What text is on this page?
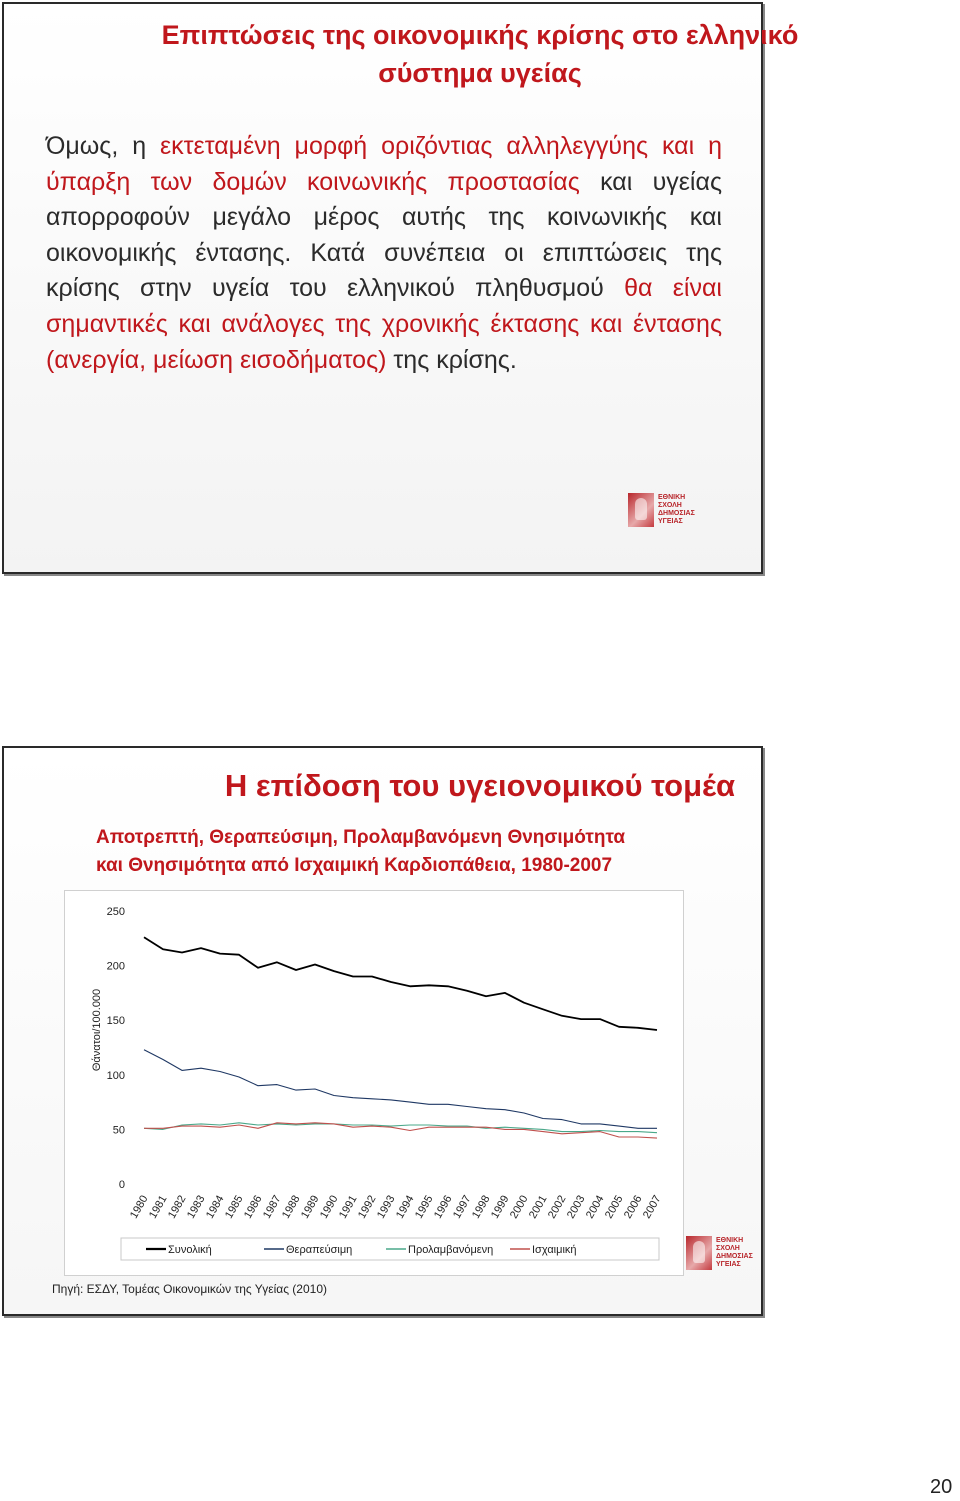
Επιπτώσεις της οικονομικής κρίσης στο ελληνικό
σύστημα υγείας
Όμως, η εκτεταμένη μορφή οριζόντιας αλληλεγγύης και η ύπαρξη των δομών κοινωνικής προστασίας και υγείας απορροφούν μεγάλο μέρος αυτής της κοινωνικής και οικονομικής έντασης. Κατά συνέπεια οι επιπτώσεις της κρίσης στην υγεία του ελληνικού πληθυσμού θα είναι σημαντικές και ανάλογες της χρονικής έκτασης και έντασης (ανεργία, μείωση εισοδήματος) της κρίσης.
ΕΘΝΙΚΗ
ΣΧΟΛΗ
ΔΗΜΟΣΙΑΣ
ΥΓΕΙΑΣ
Η επίδοση του υγειονομικού τομέα
Αποτρεπτή, Θεραπεύσιμη, Προλαμβανόμενη Θνησιμότητα
και Θνησιμότητα από Ισχαιμική Καρδιοπάθεια, 1980-2007
0
50
100
150
200
250
Θάνατοι/100.000
1980
1981
1982
1983
1984
1985
1986
1987
1988
1989
1990
1991
1992
1993
1994
1995
1996
1997
1998
1999
2000
2001
2002
2003
2004
2005
2006
2007
Συνολική	Θεραπεύσιμη	Προλαμβανόμενη	Ισχαιμική
ΕΘΝΙΚΗ
ΣΧΟΛΗ
ΔΗΜΟΣΙΑΣ
ΥΓΕΙΑΣ
Πηγή: ΕΣΔΥ, Τομέας Οικονομικών της Υγείας (2010)
20
